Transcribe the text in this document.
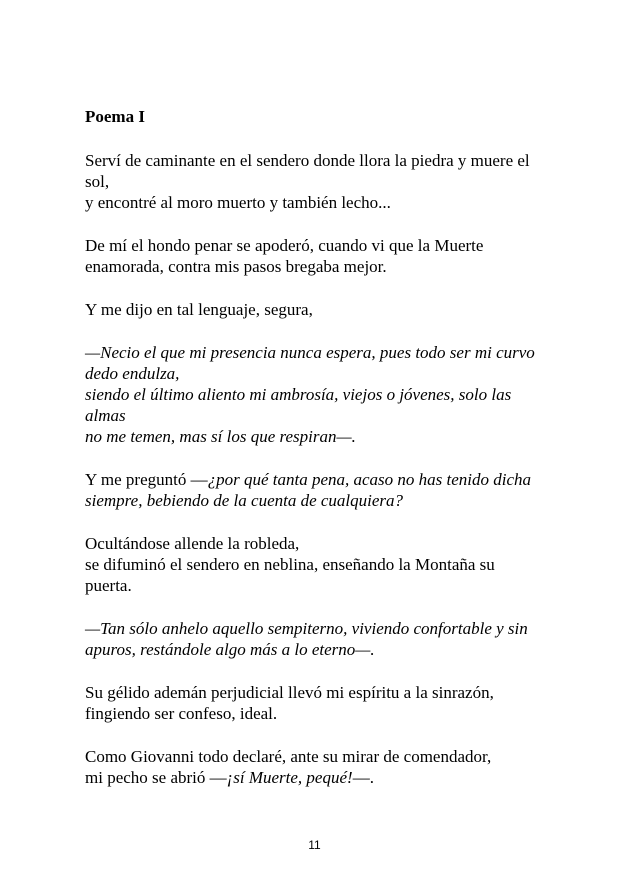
Poema I

Serví de caminante en el sendero donde llora la piedra y muere el sol,
y encontré al moro muerto y también lecho...

De mí el hondo penar se apoderó, cuando vi que la Muerte enamorada, contra mis pasos bregaba mejor.

Y me dijo en tal lenguaje, segura,

—Necio el que mi presencia nunca espera, pues todo ser mi curvo dedo endulza,
siendo el último aliento mi ambrosía, viejos o jóvenes, solo las almas
no me temen, mas sí los que respiran—.

Y me preguntó —¿por qué tanta pena, acaso no has tenido dicha siempre, bebiendo de la cuenta de cualquiera?

Ocultándose allende la robleda,
se difuminó el sendero en neblina, enseñando la Montaña su puerta.

—Tan sólo anhelo aquello sempiterno, viviendo confortable y sin apuros, restándole algo más a lo eterno—.

Su gélido ademán perjudicial llevó mi espíritu a la sinrazón, fingiendo ser confeso, ideal.

Como Giovanni todo declaré, ante su mirar de comendador,
mi pecho se abrió —¡sí Muerte, pequé!—.

11
